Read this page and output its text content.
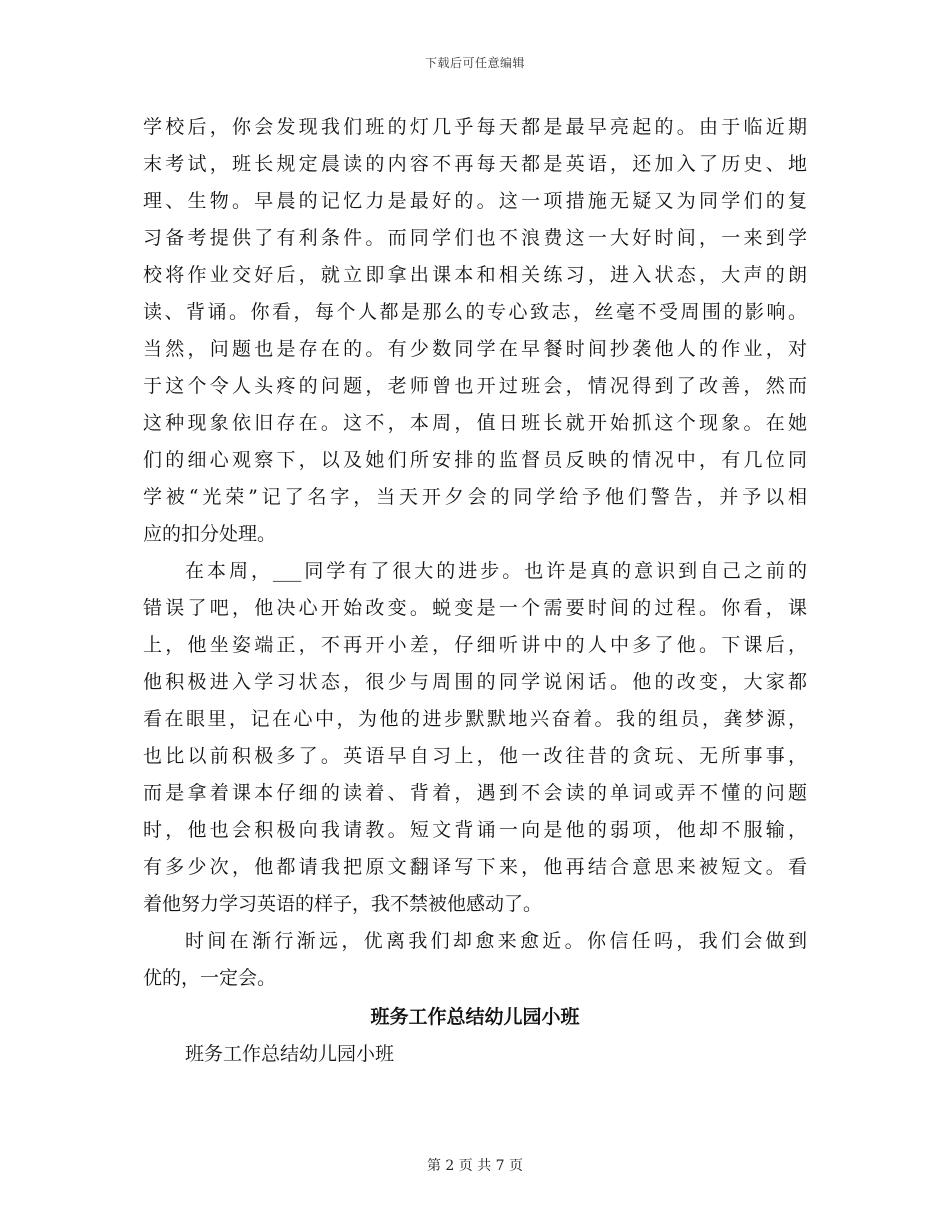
下载后可任意编辑
学校后，你会发现我们班的灯几乎每天都是最早亮起的。由于临近期
末考试，班长规定晨读的内容不再每天都是英语，还加入了历史、地
理、生物。早晨的记忆力是最好的。这一项措施无疑又为同学们的复
习备考提供了有利条件。而同学们也不浪费这一大好时间，一来到学
校将作业交好后，就立即拿出课本和相关练习，进入状态，大声的朗
读、背诵。你看，每个人都是那么的专心致志，丝毫不受周围的影响。
当然，问题也是存在的。有少数同学在早餐时间抄袭他人的作业，对
于这个令人头疼的问题，老师曾也开过班会，情况得到了改善，然而
这种现象依旧存在。这不，本周，值日班长就开始抓这个现象。在她
们的细心观察下，以及她们所安排的监督员反映的情况中，有几位同
学被“光荣”记了名字，当天开夕会的同学给予他们警告，并予以相
应的扣分处理。
在本周，___同学有了很大的进步。也许是真的意识到自己之前的
错误了吧，他决心开始改变。蜕变是一个需要时间的过程。你看，课
上，他坐姿端正，不再开小差，仔细听讲中的人中多了他。下课后，
他积极进入学习状态，很少与周围的同学说闲话。他的改变，大家都
看在眼里，记在心中，为他的进步默默地兴奋着。我的组员，龚梦源，
也比以前积极多了。英语早自习上，他一改往昔的贪玩、无所事事，
而是拿着课本仔细的读着、背着，遇到不会读的单词或弄不懂的问题
时，他也会积极向我请教。短文背诵一向是他的弱项，他却不服输，
有多少次，他都请我把原文翻译写下来，他再结合意思来被短文。看
着他努力学习英语的样子，我不禁被他感动了。
时间在渐行渐远，优离我们却愈来愈近。你信任吗，我们会做到
优的，一定会。
班务工作总结幼儿园小班
班务工作总结幼儿园小班
第 2 页 共 7 页
